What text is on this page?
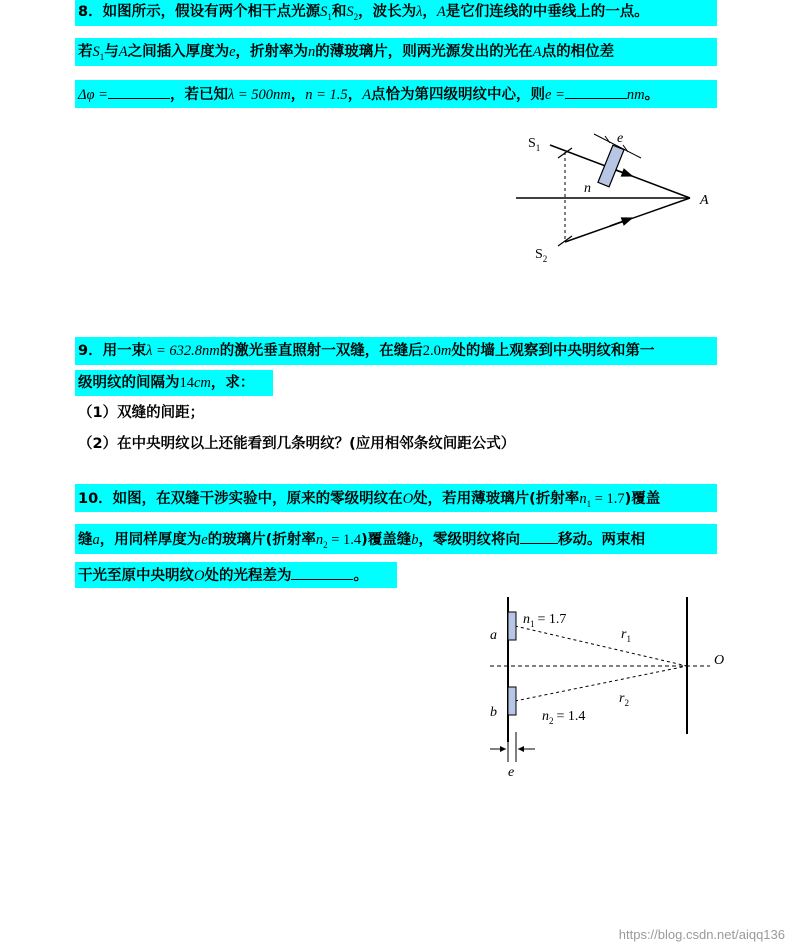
8．如图所示，假设有两个相干点光源$S_1$和$S_2$，波长为λ，A是它们连线的中垂线上的一点。
若$S_1$与A之间插入厚度为e，折射率为n的薄玻璃片，则两光源发出的光在A点的相位差
Δφ =	，若已知λ = 500nm，n = 1.5，A点恰为第四级明纹中心，则e =	nm。
$S_1$
$S_2$
e
n
A
9．用一束λ = 632.8nm的激光垂直照射一双缝，在缝后2.0m处的墙上观察到中央明纹和第一
级明纹的间隔为14cm，求：
（1）双缝的间距；
（2）在中央明纹以上还能看到几条明纹？(应用相邻条纹间距公式）
10．如图，在双缝干涉实验中，原来的零级明纹在O处，若用薄玻璃片(折射率$n_1 = 1.7$)覆盖
缝a，用同样厚度为e的玻璃片(折射率$n_2 = 1.4$)覆盖缝b，零级明纹将向	移动。两束相
干光至原中央明纹O处的光程差为	。
$n_1 = 1.7$
$n_2 = 1.4$
$r_1$
$r_2$
a
b
O
e
https://blog.csdn.net/aiqq136
